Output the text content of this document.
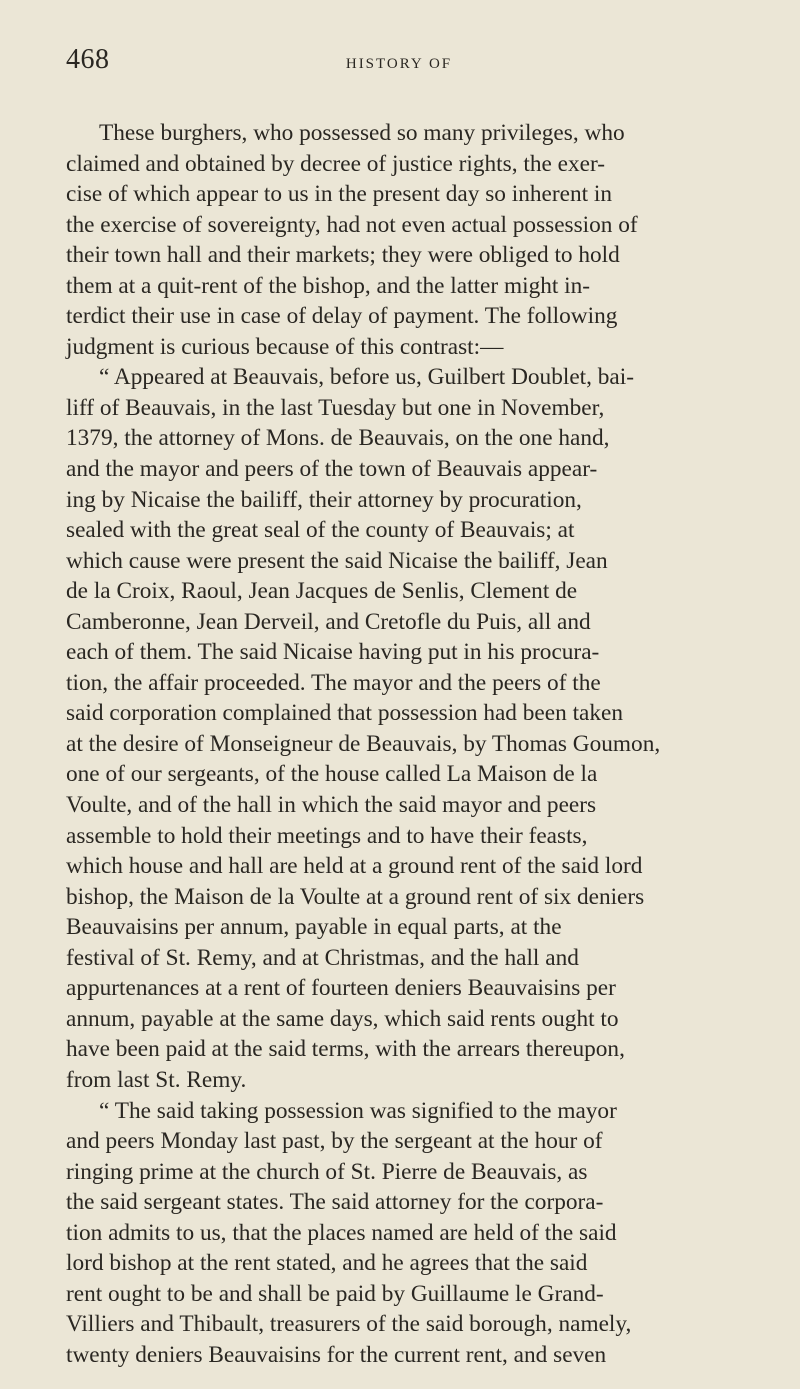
468	HISTORY OF
These burghers, who possessed so many privileges, who
claimed and obtained by decree of justice rights, the exer-
cise of which appear to us in the present day so inherent in
the exercise of sovereignty, had not even actual possession of
their town hall and their markets; they were obliged to hold
them at a quit-rent of the bishop, and the latter might in-
terdict their use in case of delay of payment. The following
judgment is curious because of this contrast:—
“ Appeared at Beauvais, before us, Guilbert Doublet, bai-
liff of Beauvais, in the last Tuesday but one in November,
1379, the attorney of Mons. de Beauvais, on the one hand,
and the mayor and peers of the town of Beauvais appear-
ing by Nicaise the bailiff, their attorney by procuration,
sealed with the great seal of the county of Beauvais; at
which cause were present the said Nicaise the bailiff, Jean
de la Croix, Raoul, Jean Jacques de Senlis, Clement de
Camberonne, Jean Derveil, and Cretofle du Puis, all and
each of them. The said Nicaise having put in his procura-
tion, the affair proceeded. The mayor and the peers of the
said corporation complained that possession had been taken
at the desire of Monseigneur de Beauvais, by Thomas Goumon,
one of our sergeants, of the house called La Maison de la
Voulte, and of the hall in which the said mayor and peers
assemble to hold their meetings and to have their feasts,
which house and hall are held at a ground rent of the said lord
bishop, the Maison de la Voulte at a ground rent of six deniers
Beauvaisins per annum, payable in equal parts, at the
festival of St. Remy, and at Christmas, and the hall and
appurtenances at a rent of fourteen deniers Beauvaisins per
annum, payable at the same days, which said rents ought to
have been paid at the said terms, with the arrears thereupon,
from last St. Remy.
“ The said taking possession was signified to the mayor
and peers Monday last past, by the sergeant at the hour of
ringing prime at the church of St. Pierre de Beauvais, as
the said sergeant states. The said attorney for the corpora-
tion admits to us, that the places named are held of the said
lord bishop at the rent stated, and he agrees that the said
rent ought to be and shall be paid by Guillaume le Grand-
Villiers and Thibault, treasurers of the said borough, namely,
twenty deniers Beauvaisins for the current rent, and seven
